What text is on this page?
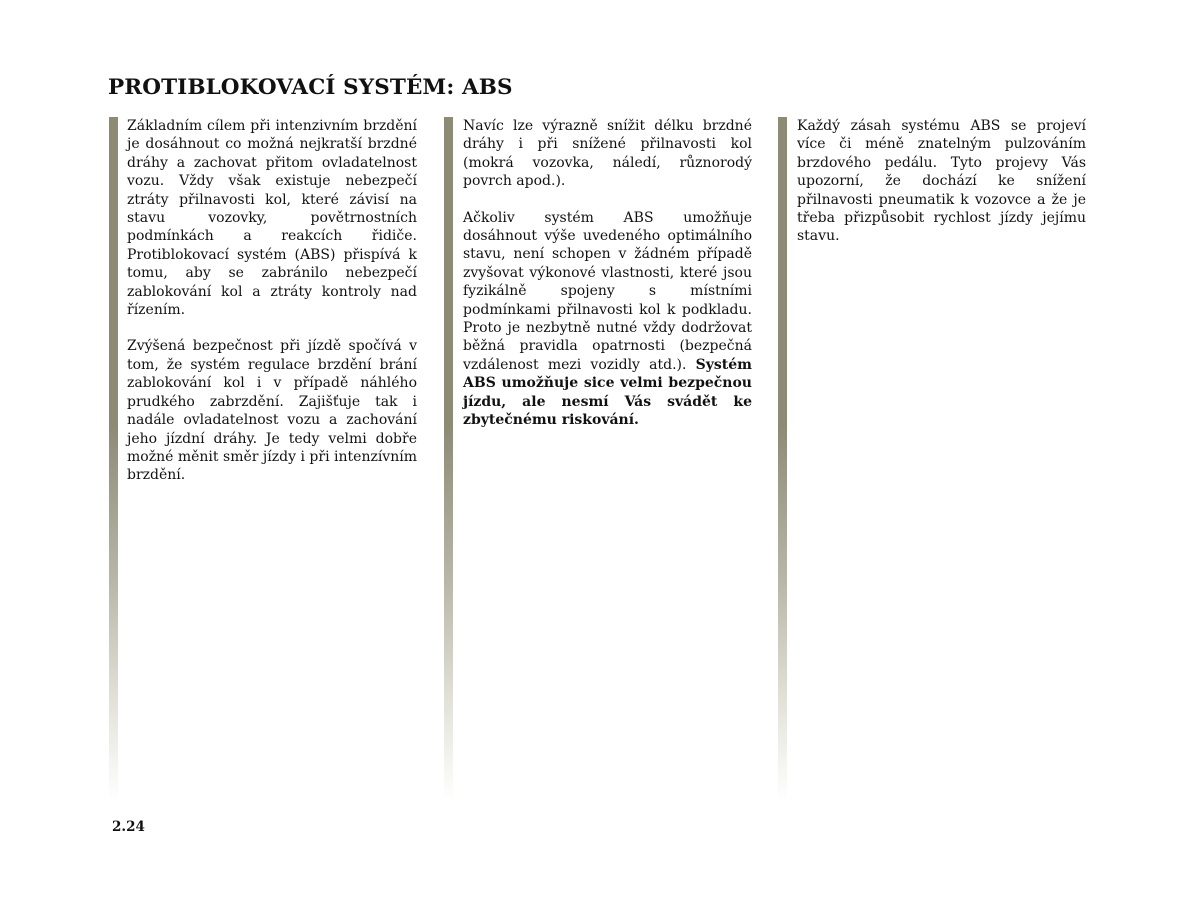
PROTIBLOKOVACÍ SYSTÉM: ABS

Základním cílem při intenzivním brzdění je dosáhnout co možná nejkratší brzdné dráhy a zachovat přitom ovladatelnost vozu. Vždy však existuje nebezpečí ztráty přilnavosti kol, které závisí na stavu vozovky, povětrnostních podmínkách a reakcích řidiče. Protiblokovací systém (ABS) přispívá k tomu, aby se zabránilo nebezpečí zablokování kol a ztráty kontroly nad řízením.

Zvýšená bezpečnost při jízdě spočívá v tom, že systém regulace brzdění brání zablokování kol i v případě náhlého prudkého zabrzdění. Zajišťuje tak i nadále ovladatelnost vozu a zachování jeho jízdní dráhy. Je tedy velmi dobře možné měnit směr jízdy i při intenzívním brzdění.

Navíc lze výrazně snížit délku brzdné dráhy i při snížené přilnavosti kol (mokrá vozovka, náledí, různorodý povrch apod.).

Ačkoliv systém ABS umožňuje dosáhnout výše uvedeného optimálního stavu, není schopen v žádném případě zvyšovat výkonové vlastnosti, které jsou fyzikálně spojeny s místními podmínkami přilnavosti kol k podkladu. Proto je nezbytně nutné vždy dodržovat běžná pravidla opatrnosti (bezpečná vzdálenost mezi vozidly atd.). Systém ABS umožňuje sice velmi bezpečnou jízdu, ale nesmí Vás svádět ke zbytečnému riskování.

Každý zásah systému ABS se projeví více či méně znatelným pulzováním brzdového pedálu. Tyto projevy Vás upozorní, že dochází ke snížení přilnavosti pneumatik k vozovce a že je třeba přizpůsobit rychlost jízdy jejímu stavu.

2.24
